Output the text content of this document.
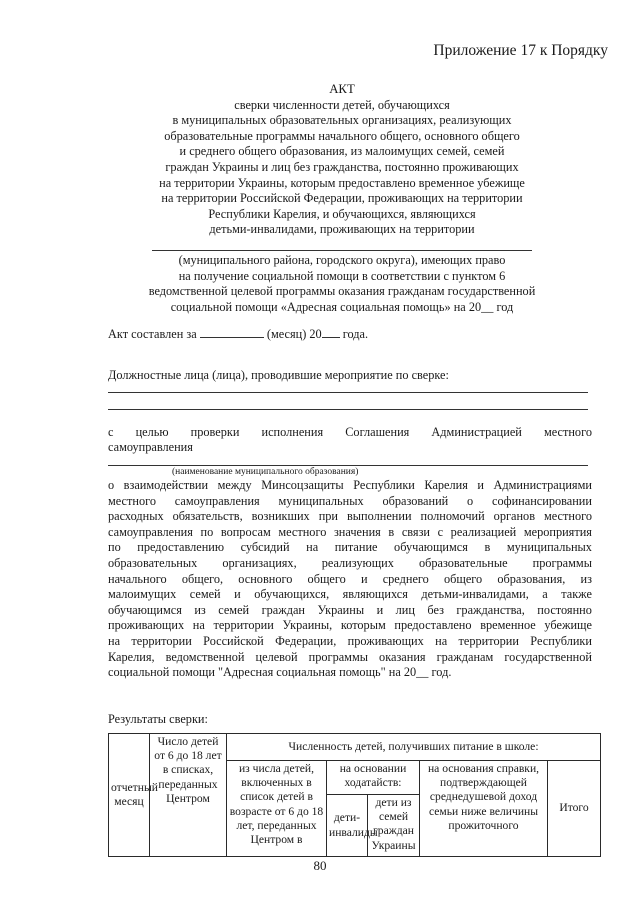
Приложение 17 к Порядку
АКТ
сверки численности детей, обучающихся
в муниципальных образовательных организациях, реализующих
образовательные программы начального общего, основного общего
и среднего общего образования, из малоимущих семей, семей
граждан Украины и лиц без гражданства, постоянно проживающих
на территории Украины, которым предоставлено временное убежище
на территории Российской Федерации, проживающих на территории
Республики Карелия, и обучающихся, являющихся
детьми-инвалидами, проживающих на территории
(муниципального района, городского округа), имеющих право
на получение социальной помощи в соответствии с пунктом 6
ведомственной целевой программы оказания гражданам государственной
социальной помощи «Адресная социальная помощь» на 20__ год
Акт составлен за	(месяц) 20 года.
Должностные лица (лица), проводившие мероприятие по сверке:
с целью проверки исполнения Соглашения Администрацией местного
самоуправления
(наименование муниципального образования)
о взаимодействии между Минсоцзащиты Республики Карелия и Администрациями
местного самоуправления муниципальных образований о софинансировании
расходных обязательств, возникших при выполнении полномочий органов местного
самоуправления по вопросам местного значения в связи с реализацией мероприятия
по предоставлению субсидий на питание обучающимся в муниципальных
образовательных организациях, реализующих образовательные программы
начального общего, основного общего и среднего общего образования, из
малоимущих семей и обучающихся, являющихся детьми-инвалидами, а также
обучающимся из семей граждан Украины и лиц без гражданства, постоянно
проживающих на территории Украины, которым предоставлено временное убежище
на территории Российской Федерации, проживающих на территории Республики
Карелия, ведомственной целевой программы оказания гражданам государственной
социальной помощи "Адресная социальная помощь" на 20__ год.
Результаты сверки:
отчетный месяц	Число детей от 6 до 18 лет в списках, переданных Центром	Численность детей, получивших питание в школе:				
		из числа детей, включенных в список детей в возрасте от 6 до 18 лет, переданных Центром в	на основании ходатайств:		на основания справки, подтверждающей среднедушевой доход семьи ниже величины прожиточного	Итого
			дети-инвалиды	дети из семей граждан Украины		
80
